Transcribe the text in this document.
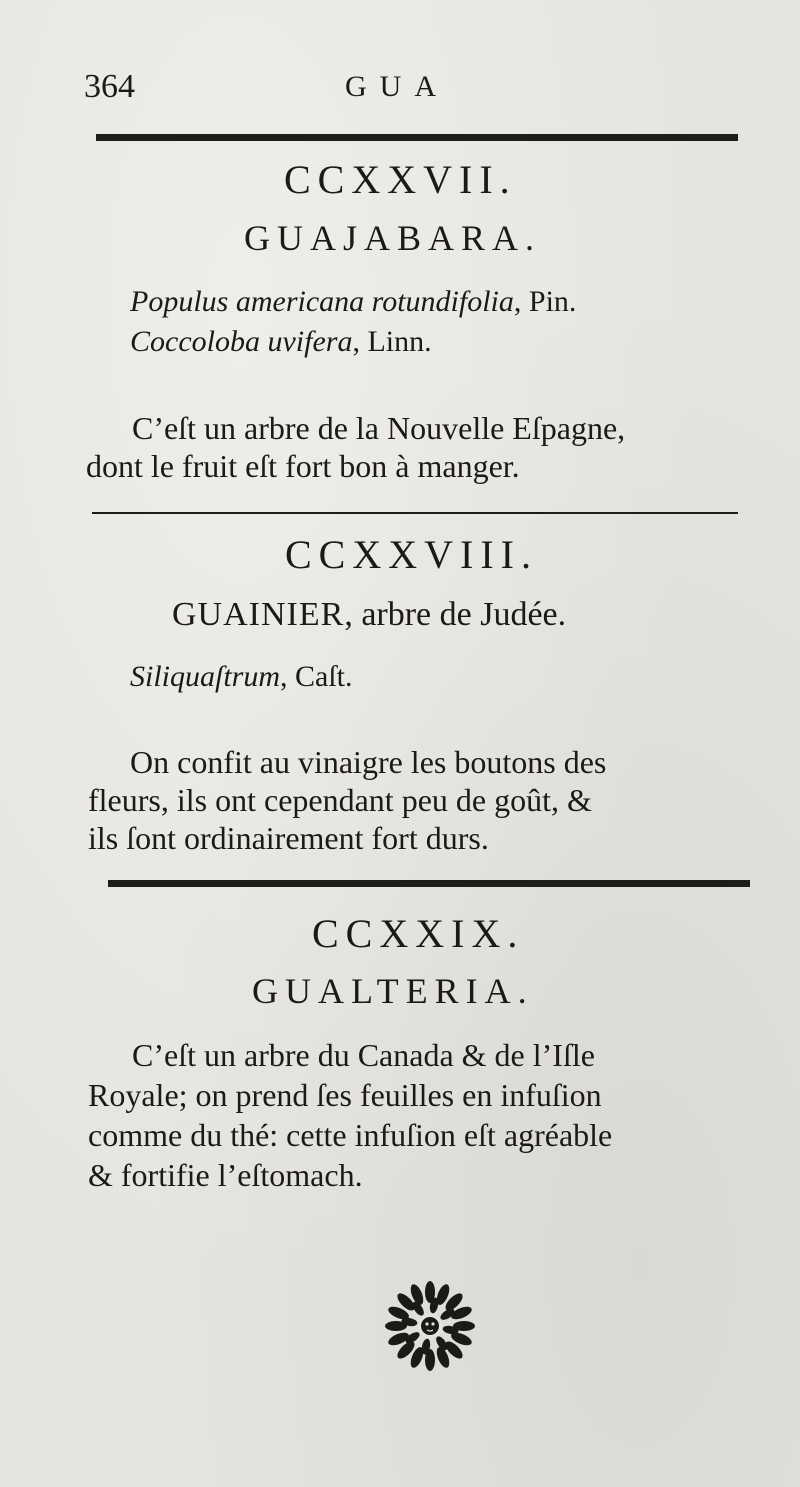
364	GUA
CCXXVII.
GUAJABARA.
Populus americana rotundifolia, Pin.
Coccoloba uvifera, Linn.
C’eſt un arbre de la Nouvelle Eſpagne,
dont le fruit eſt fort bon à manger.
CCXXVIII.
GUAINIER, arbre de Judée.
Siliquaſtrum, Caſt.
On confit au vinaigre les boutons des
fleurs, ils ont cependant peu de goût, &
ils ſont ordinairement fort durs.
CCXXIX.
GUALTERIA.
C’eſt un arbre du Canada & de l’Iſle
Royale; on prend ſes feuilles en infuſion
comme du thé: cette infuſion eſt agréable
& fortifie l’eſtomach.
